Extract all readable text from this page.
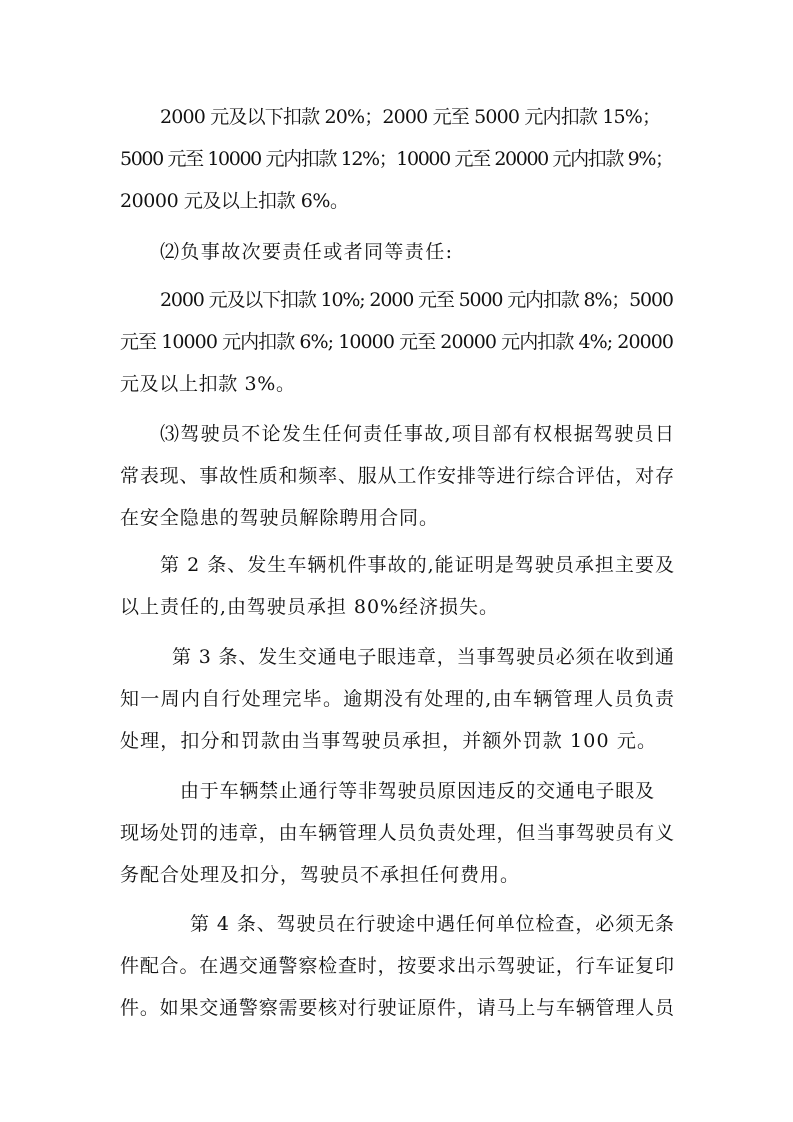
2000 元及以下扣款 20%；2000 元至 5000 元内扣款 15%；
5000 元至 10000 元内扣款 12%；10000 元至 20000 元内扣款 9%；
20000 元及以上扣款 6%。
⑵负事故次要责任或者同等责任:
2000 元及以下扣款 10%; 2000 元至 5000 元内扣款 8%；5000
元至 10000 元内扣款 6%; 10000 元至 20000 元内扣款 4%; 20000
元及以上扣款 3%。
⑶驾驶员不论发生任何责任事故,项目部有权根据驾驶员日
常表现、事故性质和频率、服从工作安排等进行综合评估，对存
在安全隐患的驾驶员解除聘用合同。
第 2 条、发生车辆机件事故的,能证明是驾驶员承担主要及
以上责任的,由驾驶员承担 80%经济损失。
第 3 条、发生交通电子眼违章，当事驾驶员必须在收到通
知一周内自行处理完毕。逾期没有处理的,由车辆管理人员负责
处理，扣分和罚款由当事驾驶员承担，并额外罚款 100 元。
由于车辆禁止通行等非驾驶员原因违反的交通电子眼及
现场处罚的违章，由车辆管理人员负责处理，但当事驾驶员有义
务配合处理及扣分，驾驶员不承担任何费用。
第 4 条、驾驶员在行驶途中遇任何单位检查，必须无条
件配合。在遇交通警察检查时，按要求出示驾驶证，行车证复印
件。如果交通警察需要核对行驶证原件，请马上与车辆管理人员
